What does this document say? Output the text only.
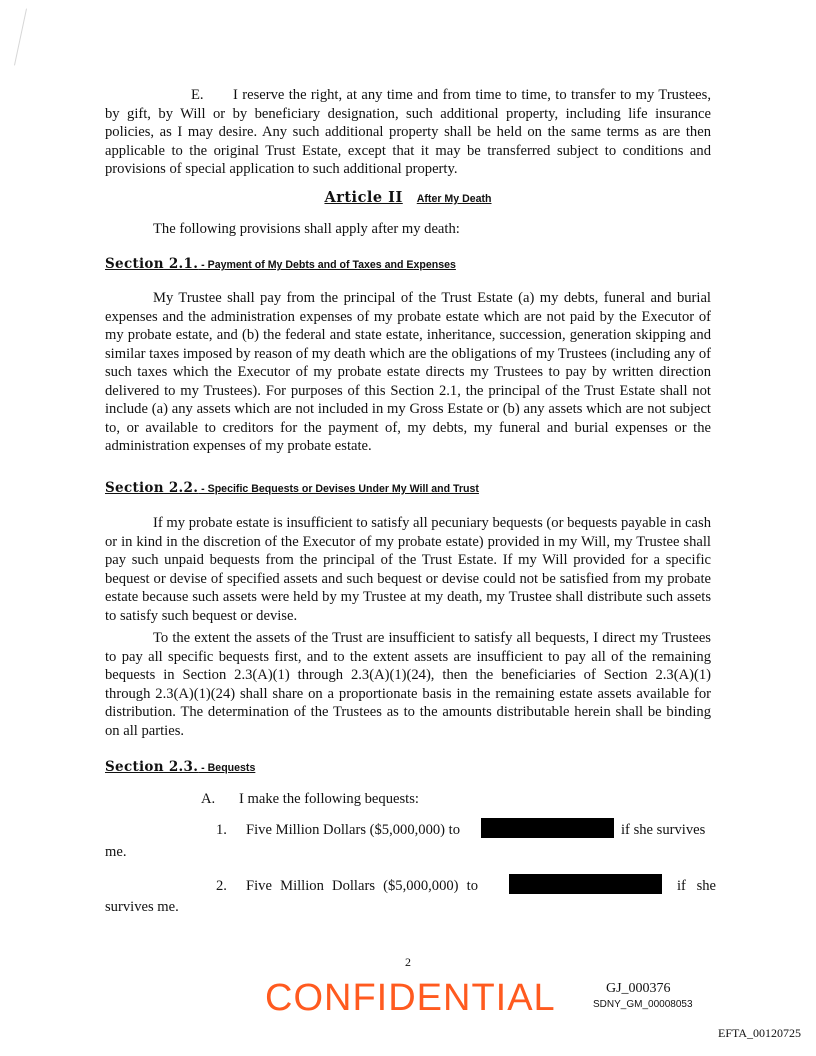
E. I reserve the right, at any time and from time to time, to transfer to my Trustees, by gift, by Will or by beneficiary designation, such additional property, including life insurance policies, as I may desire. Any such additional property shall be held on the same terms as are then applicable to the original Trust Estate, except that it may be transferred subject to conditions and provisions of special application to such additional property.

Article II After My Death

The following provisions shall apply after my death:

Section 2.1. - Payment of My Debts and of Taxes and Expenses

My Trustee shall pay from the principal of the Trust Estate (a) my debts, funeral and burial expenses and the administration expenses of my probate estate which are not paid by the Executor of my probate estate, and (b) the federal and state estate, inheritance, succession, generation skipping and similar taxes imposed by reason of my death which are the obligations of my Trustees (including any of such taxes which the Executor of my probate estate directs my Trustees to pay by written direction delivered to my Trustees). For purposes of this Section 2.1, the principal of the Trust Estate shall not include (a) any assets which are not included in my Gross Estate or (b) any assets which are not subject to, or available to creditors for the payment of, my debts, my funeral and burial expenses or the administration expenses of my probate estate.

Section 2.2. - Specific Bequests or Devises Under My Will and Trust

If my probate estate is insufficient to satisfy all pecuniary bequests (or bequests payable in cash or in kind in the discretion of the Executor of my probate estate) provided in my Will, my Trustee shall pay such unpaid bequests from the principal of the Trust Estate. If my Will provided for a specific bequest or devise of specified assets and such bequest or devise could not be satisfied from my probate estate because such assets were held by my Trustee at my death, my Trustee shall distribute such assets to satisfy such bequest or devise.

To the extent the assets of the Trust are insufficient to satisfy all bequests, I direct my Trustees to pay all specific bequests first, and to the extent assets are insufficient to pay all of the remaining bequests in Section 2.3(A)(1) through 2.3(A)(1)(24), then the beneficiaries of Section 2.3(A)(1) through 2.3(A)(1)(24) shall share on a proportionate basis in the remaining estate assets available for distribution. The determination of the Trustees as to the amounts distributable herein shall be binding on all parties.

Section 2.3. - Bequests
A. I make the following bequests:
1. Five Million Dollars ($5,000,000) to	if she survives
me.
2. Five Million Dollars ($5,000,000) to	if she
survives me.
2
CONFIDENTIAL	GJ_000376
SDNY_GM_00008053
EFTA_00120725
